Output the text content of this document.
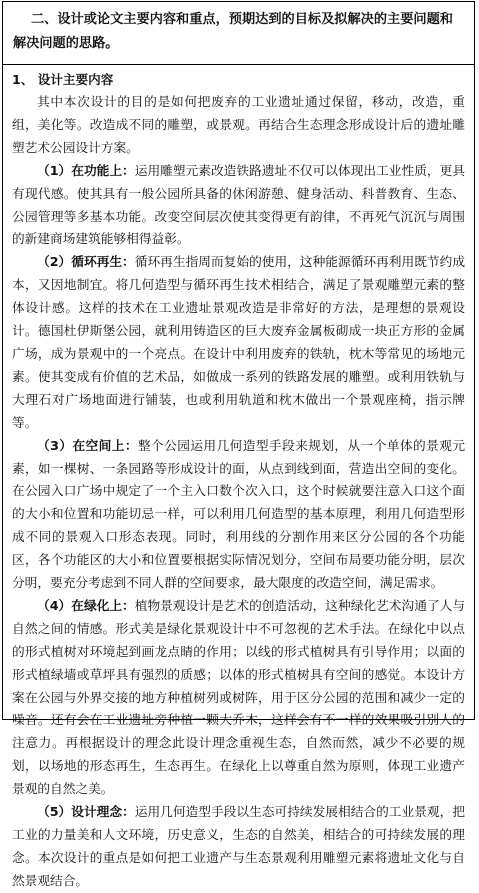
二、设计或论文主要内容和重点，预期达到的目标及拟解决的主要问题和解决问题的思路。

1、 设计主要内容

其中本次设计的目的是如何把废弃的工业遗址通过保留，移动，改造，重组，美化等。改造成不同的雕塑，或景观。再结合生态理念形成设计后的遗址雕塑艺术公园设计方案。

（1）在功能上：运用雕塑元素改造铁路遗址不仅可以体现出工业性质，更具有现代感。使其具有一般公园所具备的休闲游憩、健身活动、科普教育、生态、公园管理等多基本功能。改变空间层次使其变得更有韵律，不再死气沉沉与周围的新建商场建筑能够相得益彰。

（2）循环再生：循环再生指周而复始的使用，这种能源循环再利用既节约成本，又因地制宜。将几何造型与循环再生技术相结合，满足了景观雕塑元素的整体设计感。这样的技术在工业遗址景观改造是非常好的方法，是理想的景观设计。德国杜伊斯堡公园，就利用铸造区的巨大废弃金属板砌成一块正方形的金属广场，成为景观中的一个亮点。在设计中利用废弃的铁轨，枕木等常见的场地元素。使其变成有价值的艺术品，如做成一系列的铁路发展的雕塑。或利用铁轨与大理石对广场地面进行铺装，也或利用轨道和枕木做出一个景观座椅，指示牌等。

（3）在空间上：整个公园运用几何造型手段来规划，从一个单体的景观元素，如一棵树、一条园路等形成设计的面，从点到线到面，营造出空间的变化。在公园入口广场中规定了一个主入口数个次入口，这个时候就要注意入口这个面的大小和位置和功能切忌一样，可以利用几何造型的基本原理，利用几何造型形成不同的景观入口形态表现。同时，利用线的分割作用来区分公园的各个功能区，各个功能区的大小和位置要根据实际情况划分，空间布局要功能分明，层次分明，要充分考虑到不同人群的空间要求，最大限度的改造空间，满足需求。

（4）在绿化上：植物景观设计是艺术的创造活动，这种绿化艺术沟通了人与自然之间的情感。形式美是绿化景观设计中不可忽视的艺术手法。在绿化中以点的形式植树对环境起到画龙点睛的作用；以线的形式植树具有引导作用；以面的形式植绿墙或草坪具有强烈的质感；以体的形式植树具有空间的感觉。本设计方案在公园与外界交接的地方种植树列或树阵，用于区分公园的范围和减少一定的噪音。还有会在工业遗址旁种植一颗大乔木，这样会有不一样的效果吸引别人的注意力。再根据设计的理念此设计理念重视生态，自然而然，减少不必要的规划，以场地的形态再生，生态再生。在绿化上以尊重自然为原则，体现工业遗产景观的自然之美。

（5）设计理念：运用几何造型手段以生态可持续发展相结合的工业景观，把工业的力量美和人文环境，历史意义，生态的自然美，相结合的可持续发展的理念。本次设计的重点是如何把工业遗产与生态景观利用雕塑元素将遗址文化与自然景观结合。
